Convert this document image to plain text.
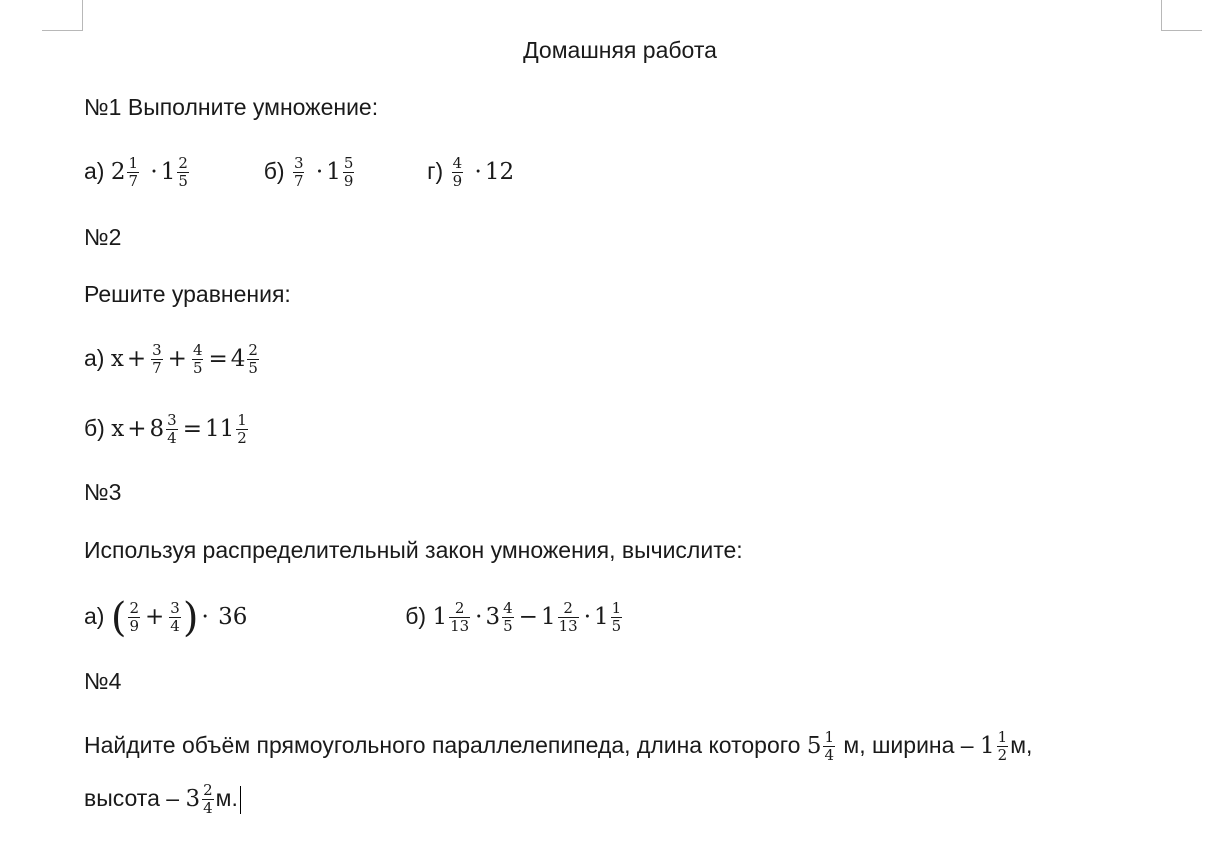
Домашняя работа
№1 Выполните умножение:
а) $2 \frac{1}{7} \cdot 1 \frac{2}{5}$	$б) \frac{3}{7} \cdot 1 \frac{5}{9}$	$г) \frac{4}{9} \cdot 12$
№2
Решите уравнения:
а) $x + \frac{3}{7} + \frac{4}{5} = 4 \frac{2}{5}$
б) $x + 8 \frac{3}{4} = 11 \frac{1}{2}$
№3
Используя распределительный закон умножения, вычислите:
а) ( $\frac{2}{9} + \frac{3}{4}$ ) · 36	б) $1 \frac{2}{13} \cdot 3 \frac{4}{5} - 1 \frac{2}{13} \cdot 1 \frac{1}{5}$
№4
Найдите объём прямоугольного параллелепипеда, длина которого $5 \frac{1}{4} м$, ширина – $1 \frac{1}{2} м$,
высота – $3 \frac{2}{4} м$.
